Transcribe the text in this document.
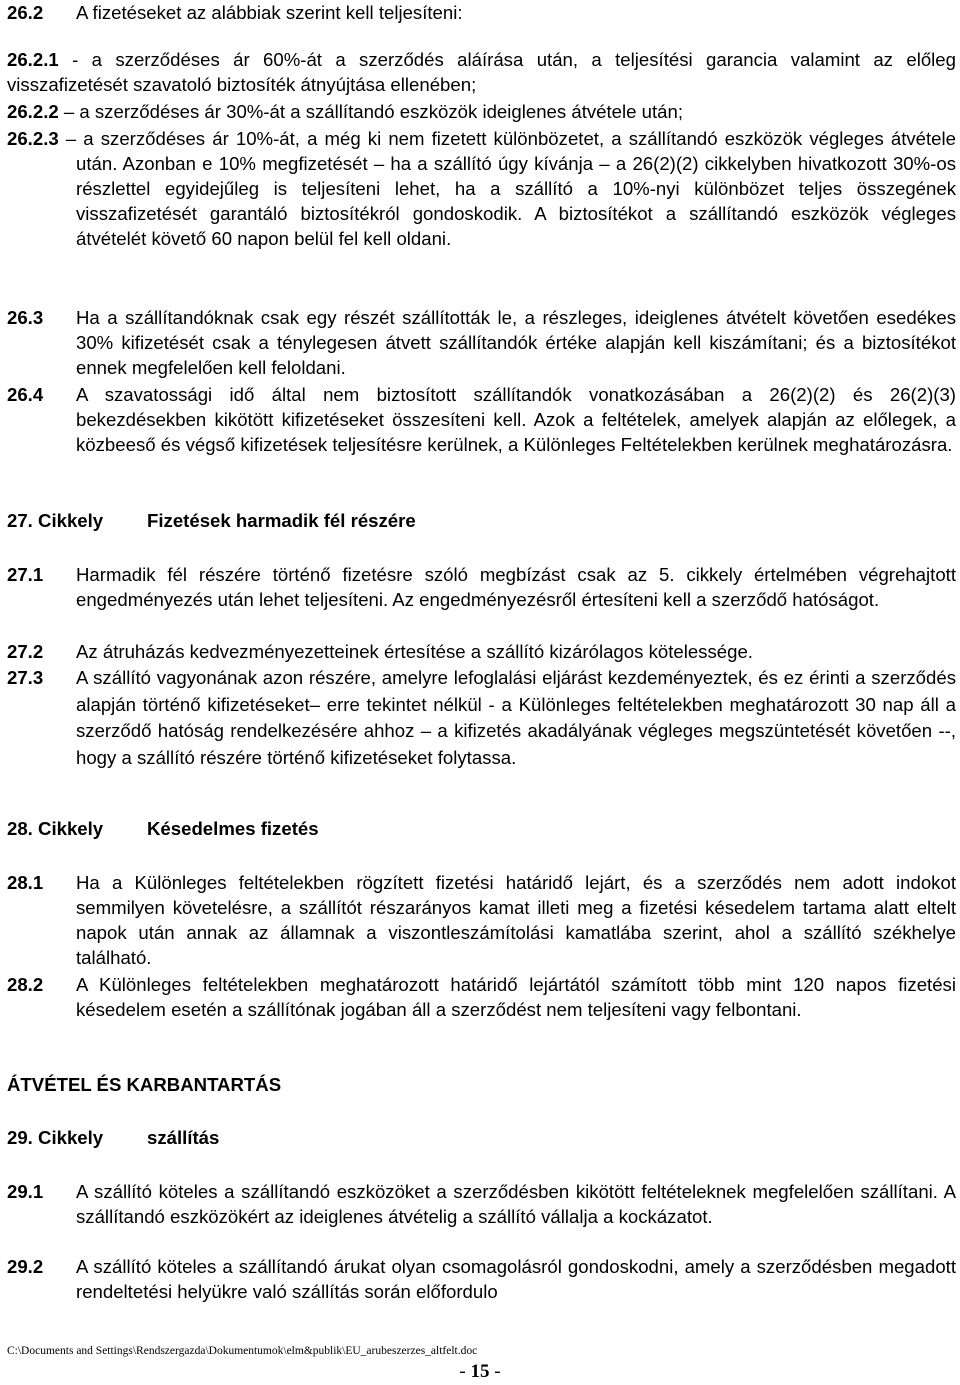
26.2 A fizetéseket az alábbiak szerint kell teljesíteni:
26.2.1 - a szerződéses ár 60%-át a szerződés aláírása után, a teljesítési garancia valamint az előleg visszafizetését szavatoló biztosíték átnyújtása ellenében;
26.2.2 – a szerződéses ár 30%-át a szállítandó eszközök ideiglenes átvétele után;
26.2.3 – a szerződéses ár 10%-át, a még ki nem fizetett különbözetet, a szállítandó eszközök végleges átvétele után. Azonban e 10% megfizetését – ha a szállító úgy kívánja – a 26(2)(2) cikkelyben hivatkozott 30%-os részlettel egyidejűleg is teljesíteni lehet, ha a szállító a 10%-nyi különbözet teljes összegének visszafizetését garantáló biztosítékról gondoskodik. A biztosítékot a szállítandó eszközök végleges átvételét követő 60 napon belül fel kell oldani.
26.3 Ha a szállítandóknak csak egy részét szállították le, a részleges, ideiglenes átvételt követően esedékes 30% kifizetését csak a ténylegesen átvett szállítandók értéke alapján kell kiszámítani; és a biztosítékot ennek megfelelően kell feloldani.
26.4 A szavatossági idő által nem biztosított szállítandók vonatkozásában a 26(2)(2) és 26(2)(3) bekezdésekben kikötött kifizetéseket összesíteni kell. Azok a feltételek, amelyek alapján az előlegek, a közbeeső és végső kifizetések teljesítésre kerülnek, a Különleges Feltételekben kerülnek meghatározásra.
27. Cikkely Fizetések harmadik fél részére
27.1 Harmadik fél részére történő fizetésre szóló megbízást csak az 5. cikkely értelmében végrehajtott engedményezés után lehet teljesíteni. Az engedményezésről értesíteni kell a szerződő hatóságot.
27.2 Az átruházás kedvezményezetteinek értesítése a szállító kizárólagos kötelessége.
27.3 A szállító vagyonának azon részére, amelyre lefoglalási eljárást kezdeményeztek, és ez érinti a szerződés alapján történő kifizetéseket– erre tekintet nélkül - a Különleges feltételekben meghatározott 30 nap áll a szerződő hatóság rendelkezésére ahhoz – a kifizetés akadályának végleges megszüntetését követően --, hogy a szállító részére történő kifizetéseket folytassa.
28. Cikkely Késedelmes fizetés
28.1 Ha a Különleges feltételekben rögzített fizetési határidő lejárt, és a szerződés nem adott indokot semmilyen követelésre, a szállítót részarányos kamat illeti meg a fizetési késedelem tartama alatt eltelt napok után annak az államnak a viszontleszámítolási kamatlába szerint, ahol a szállító székhelye található.
28.2 A Különleges feltételekben meghatározott határidő lejártától számított több mint 120 napos fizetési késedelem esetén a szállítónak jogában áll a szerződést nem teljesíteni vagy felbontani.
ÁTVÉTEL ÉS KARBANTARTÁS
29. Cikkely szállítás
29.1 A szállító köteles a szállítandó eszközöket a szerződésben kikötött feltételeknek megfelelően szállítani. A szállítandó eszközökért az ideiglenes átvételig a szállító vállalja a kockázatot.
29.2 A szállító köteles a szállítandó árukat olyan csomagolásról gondoskodni, amely a szerződésben megadott rendeltetési helyükre való szállítás során előfordulo
C:\Documents and Settings\Rendszergazda\Dokumentumok\elm&publik\EU_arubeszerzes_altfelt.doc
- 15 -
